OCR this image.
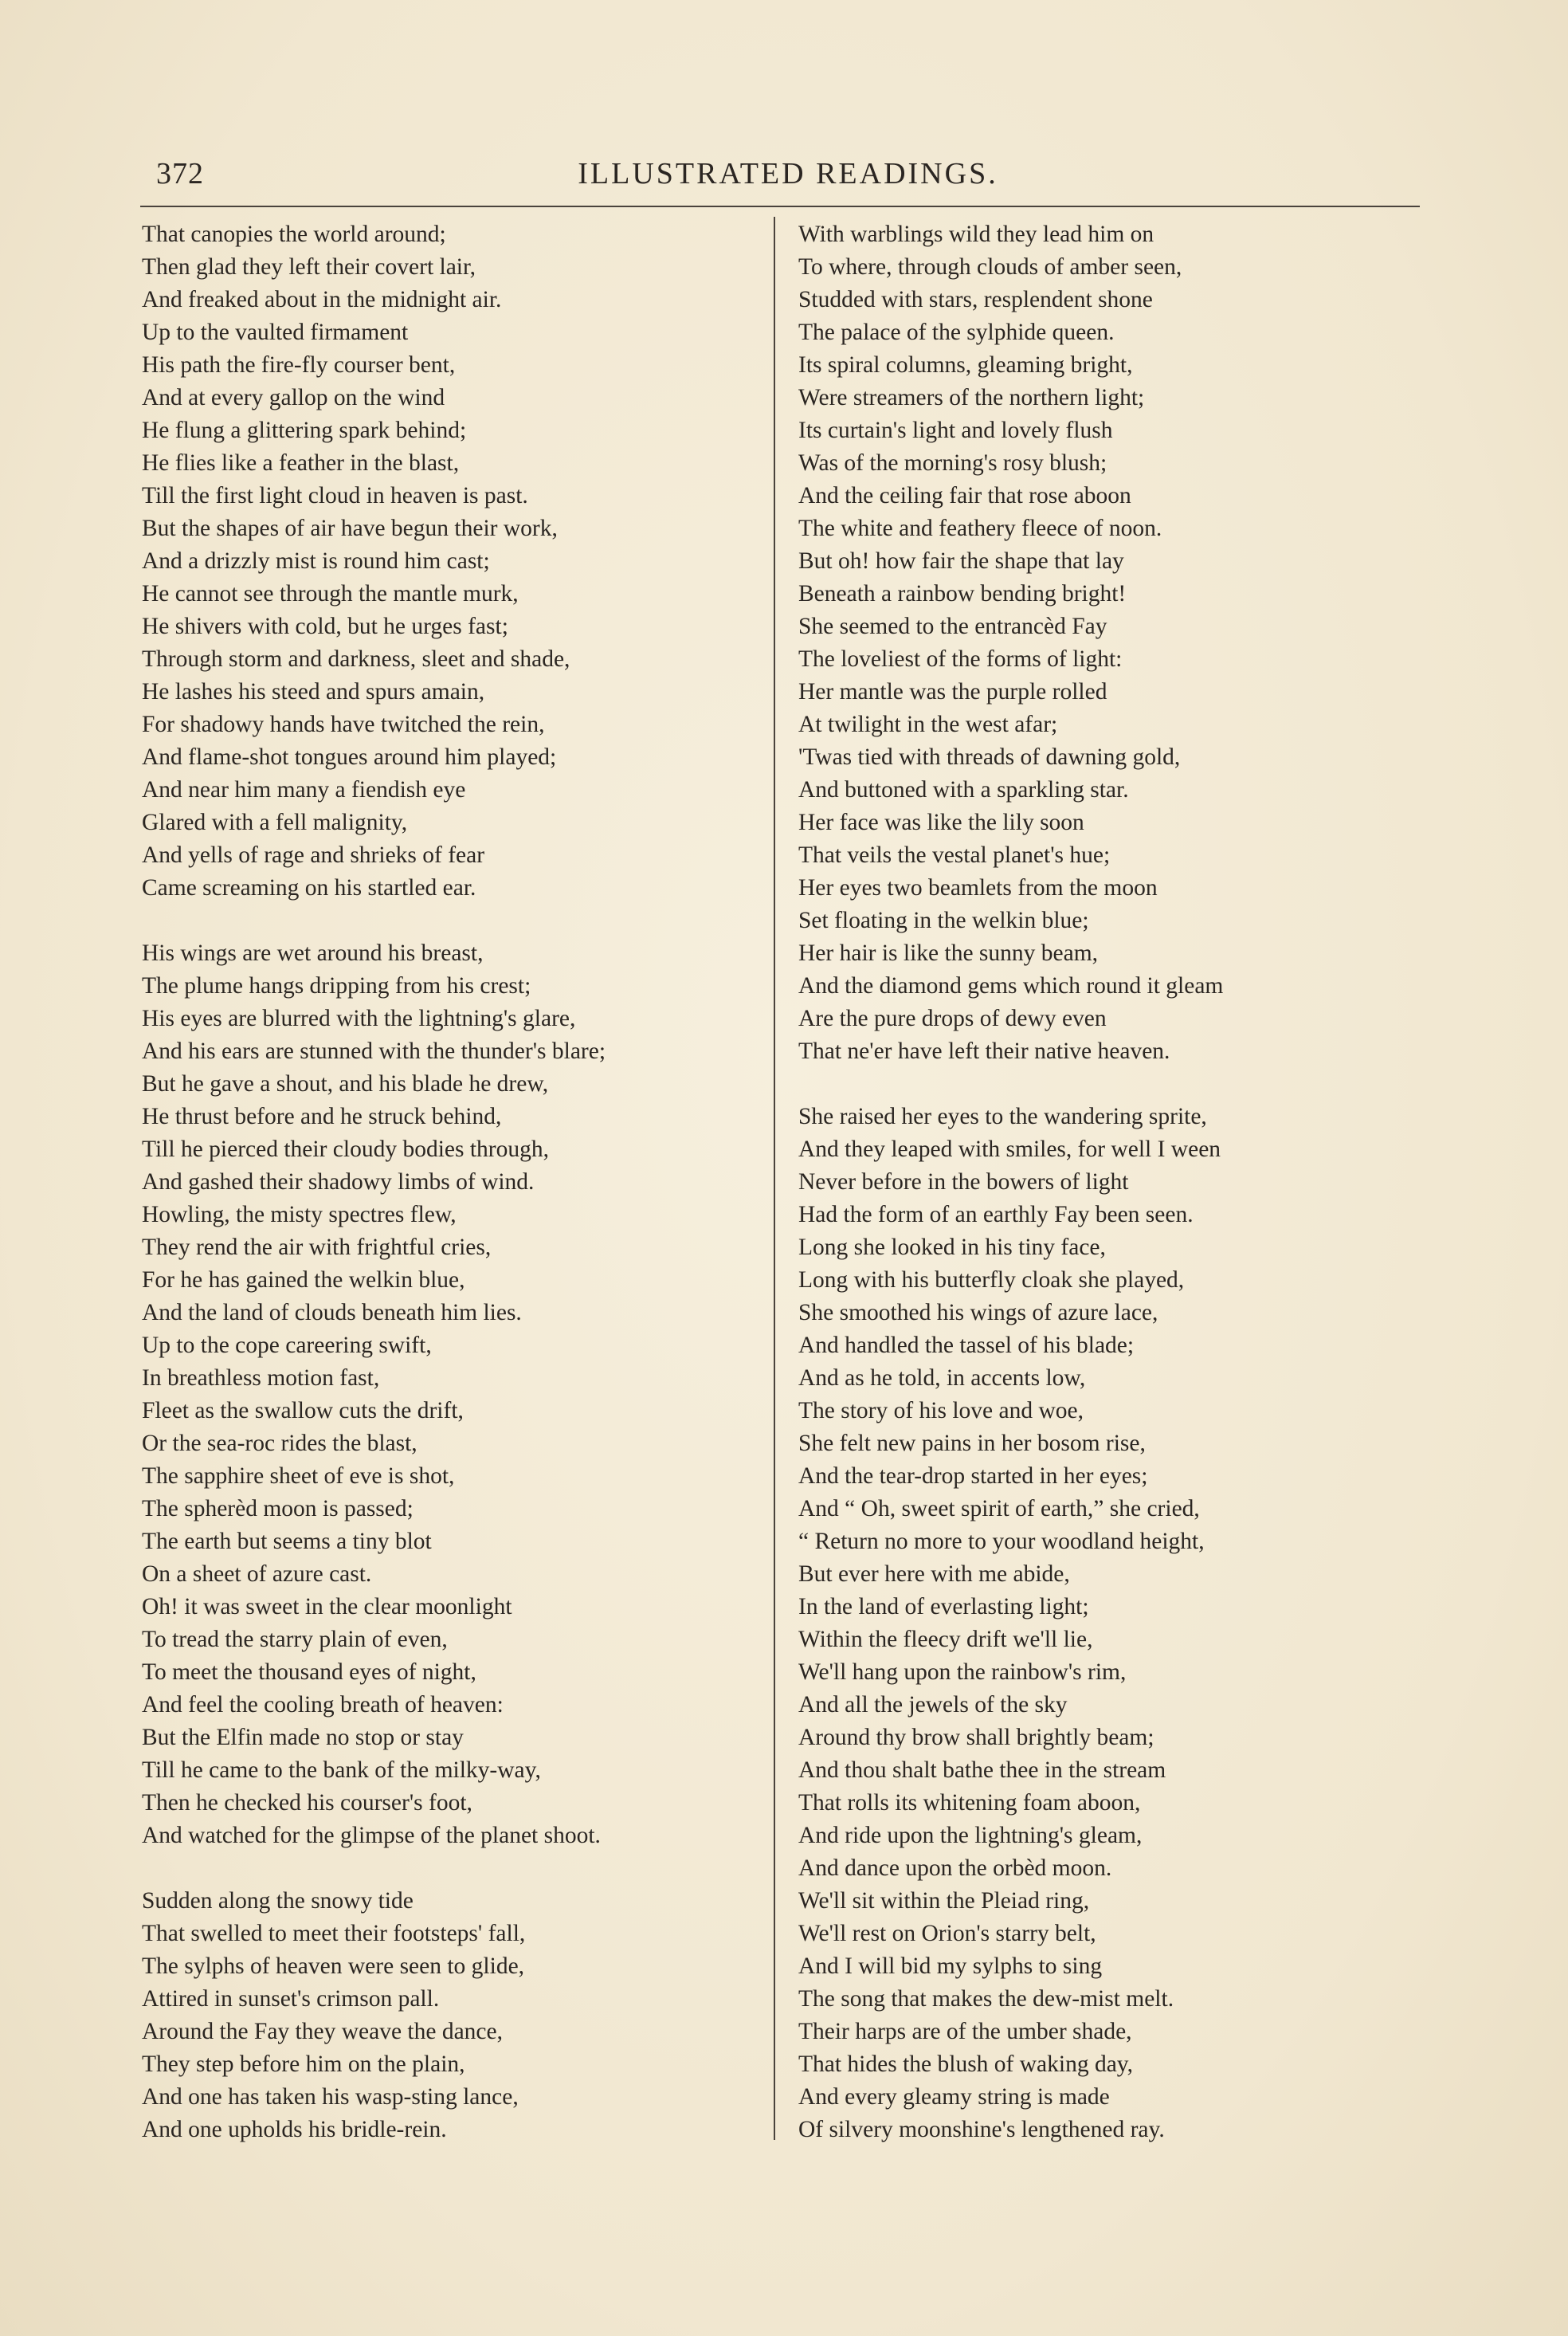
372	ILLUSTRATED READINGS.
That canopies the world around;
Then glad they left their covert lair,
And freaked about in the midnight air.
Up to the vaulted firmament
His path the fire-fly courser bent,
And at every gallop on the wind
He flung a glittering spark behind;
He flies like a feather in the blast,
Till the first light cloud in heaven is past.
But the shapes of air have begun their work,
And a drizzly mist is round him cast;
He cannot see through the mantle murk,
He shivers with cold, but he urges fast;
Through storm and darkness, sleet and shade,
He lashes his steed and spurs amain,
For shadowy hands have twitched the rein,
And flame-shot tongues around him played;
And near him many a fiendish eye
Glared with a fell malignity,
And yells of rage and shrieks of fear
Came screaming on his startled ear.
His wings are wet around his breast,
The plume hangs dripping from his crest;
His eyes are blurred with the lightning's glare,
And his ears are stunned with the thunder's blare;
But he gave a shout, and his blade he drew,
He thrust before and he struck behind,
Till he pierced their cloudy bodies through,
And gashed their shadowy limbs of wind.
Howling, the misty spectres flew,
They rend the air with frightful cries,
For he has gained the welkin blue,
And the land of clouds beneath him lies.
Up to the cope careering swift,
In breathless motion fast,
Fleet as the swallow cuts the drift,
Or the sea-roc rides the blast,
The sapphire sheet of eve is shot,
The spherèd moon is passed;
The earth but seems a tiny blot
On a sheet of azure cast.
Oh! it was sweet in the clear moonlight
To tread the starry plain of even,
To meet the thousand eyes of night,
And feel the cooling breath of heaven:
But the Elfin made no stop or stay
Till he came to the bank of the milky-way,
Then he checked his courser's foot,
And watched for the glimpse of the planet shoot.
Sudden along the snowy tide
That swelled to meet their footsteps' fall,
The sylphs of heaven were seen to glide,
Attired in sunset's crimson pall.
Around the Fay they weave the dance,
They step before him on the plain,
And one has taken his wasp-sting lance,
And one upholds his bridle-rein.
With warblings wild they lead him on
To where, through clouds of amber seen,
Studded with stars, resplendent shone
The palace of the sylphide queen.
Its spiral columns, gleaming bright,
Were streamers of the northern light;
Its curtain's light and lovely flush
Was of the morning's rosy blush;
And the ceiling fair that rose aboon
The white and feathery fleece of noon.
But oh! how fair the shape that lay
Beneath a rainbow bending bright!
She seemed to the entrancèd Fay
The loveliest of the forms of light:
Her mantle was the purple rolled
At twilight in the west afar;
'Twas tied with threads of dawning gold,
And buttoned with a sparkling star.
Her face was like the lily soon
That veils the vestal planet's hue;
Her eyes two beamlets from the moon
Set floating in the welkin blue;
Her hair is like the sunny beam,
And the diamond gems which round it gleam
Are the pure drops of dewy even
That ne'er have left their native heaven.
She raised her eyes to the wandering sprite,
And they leaped with smiles, for well I ween
Never before in the bowers of light
Had the form of an earthly Fay been seen.
Long she looked in his tiny face,
Long with his butterfly cloak she played,
She smoothed his wings of azure lace,
And handled the tassel of his blade;
And as he told, in accents low,
The story of his love and woe,
She felt new pains in her bosom rise,
And the tear-drop started in her eyes;
And “ Oh, sweet spirit of earth,” she cried,
“ Return no more to your woodland height,
But ever here with me abide,
In the land of everlasting light;
Within the fleecy drift we'll lie,
We'll hang upon the rainbow's rim,
And all the jewels of the sky
Around thy brow shall brightly beam;
And thou shalt bathe thee in the stream
That rolls its whitening foam aboon,
And ride upon the lightning's gleam,
And dance upon the orbèd moon.
We'll sit within the Pleiad ring,
We'll rest on Orion's starry belt,
And I will bid my sylphs to sing
The song that makes the dew-mist melt.
Their harps are of the umber shade,
That hides the blush of waking day,
And every gleamy string is made
Of silvery moonshine's lengthened ray.
